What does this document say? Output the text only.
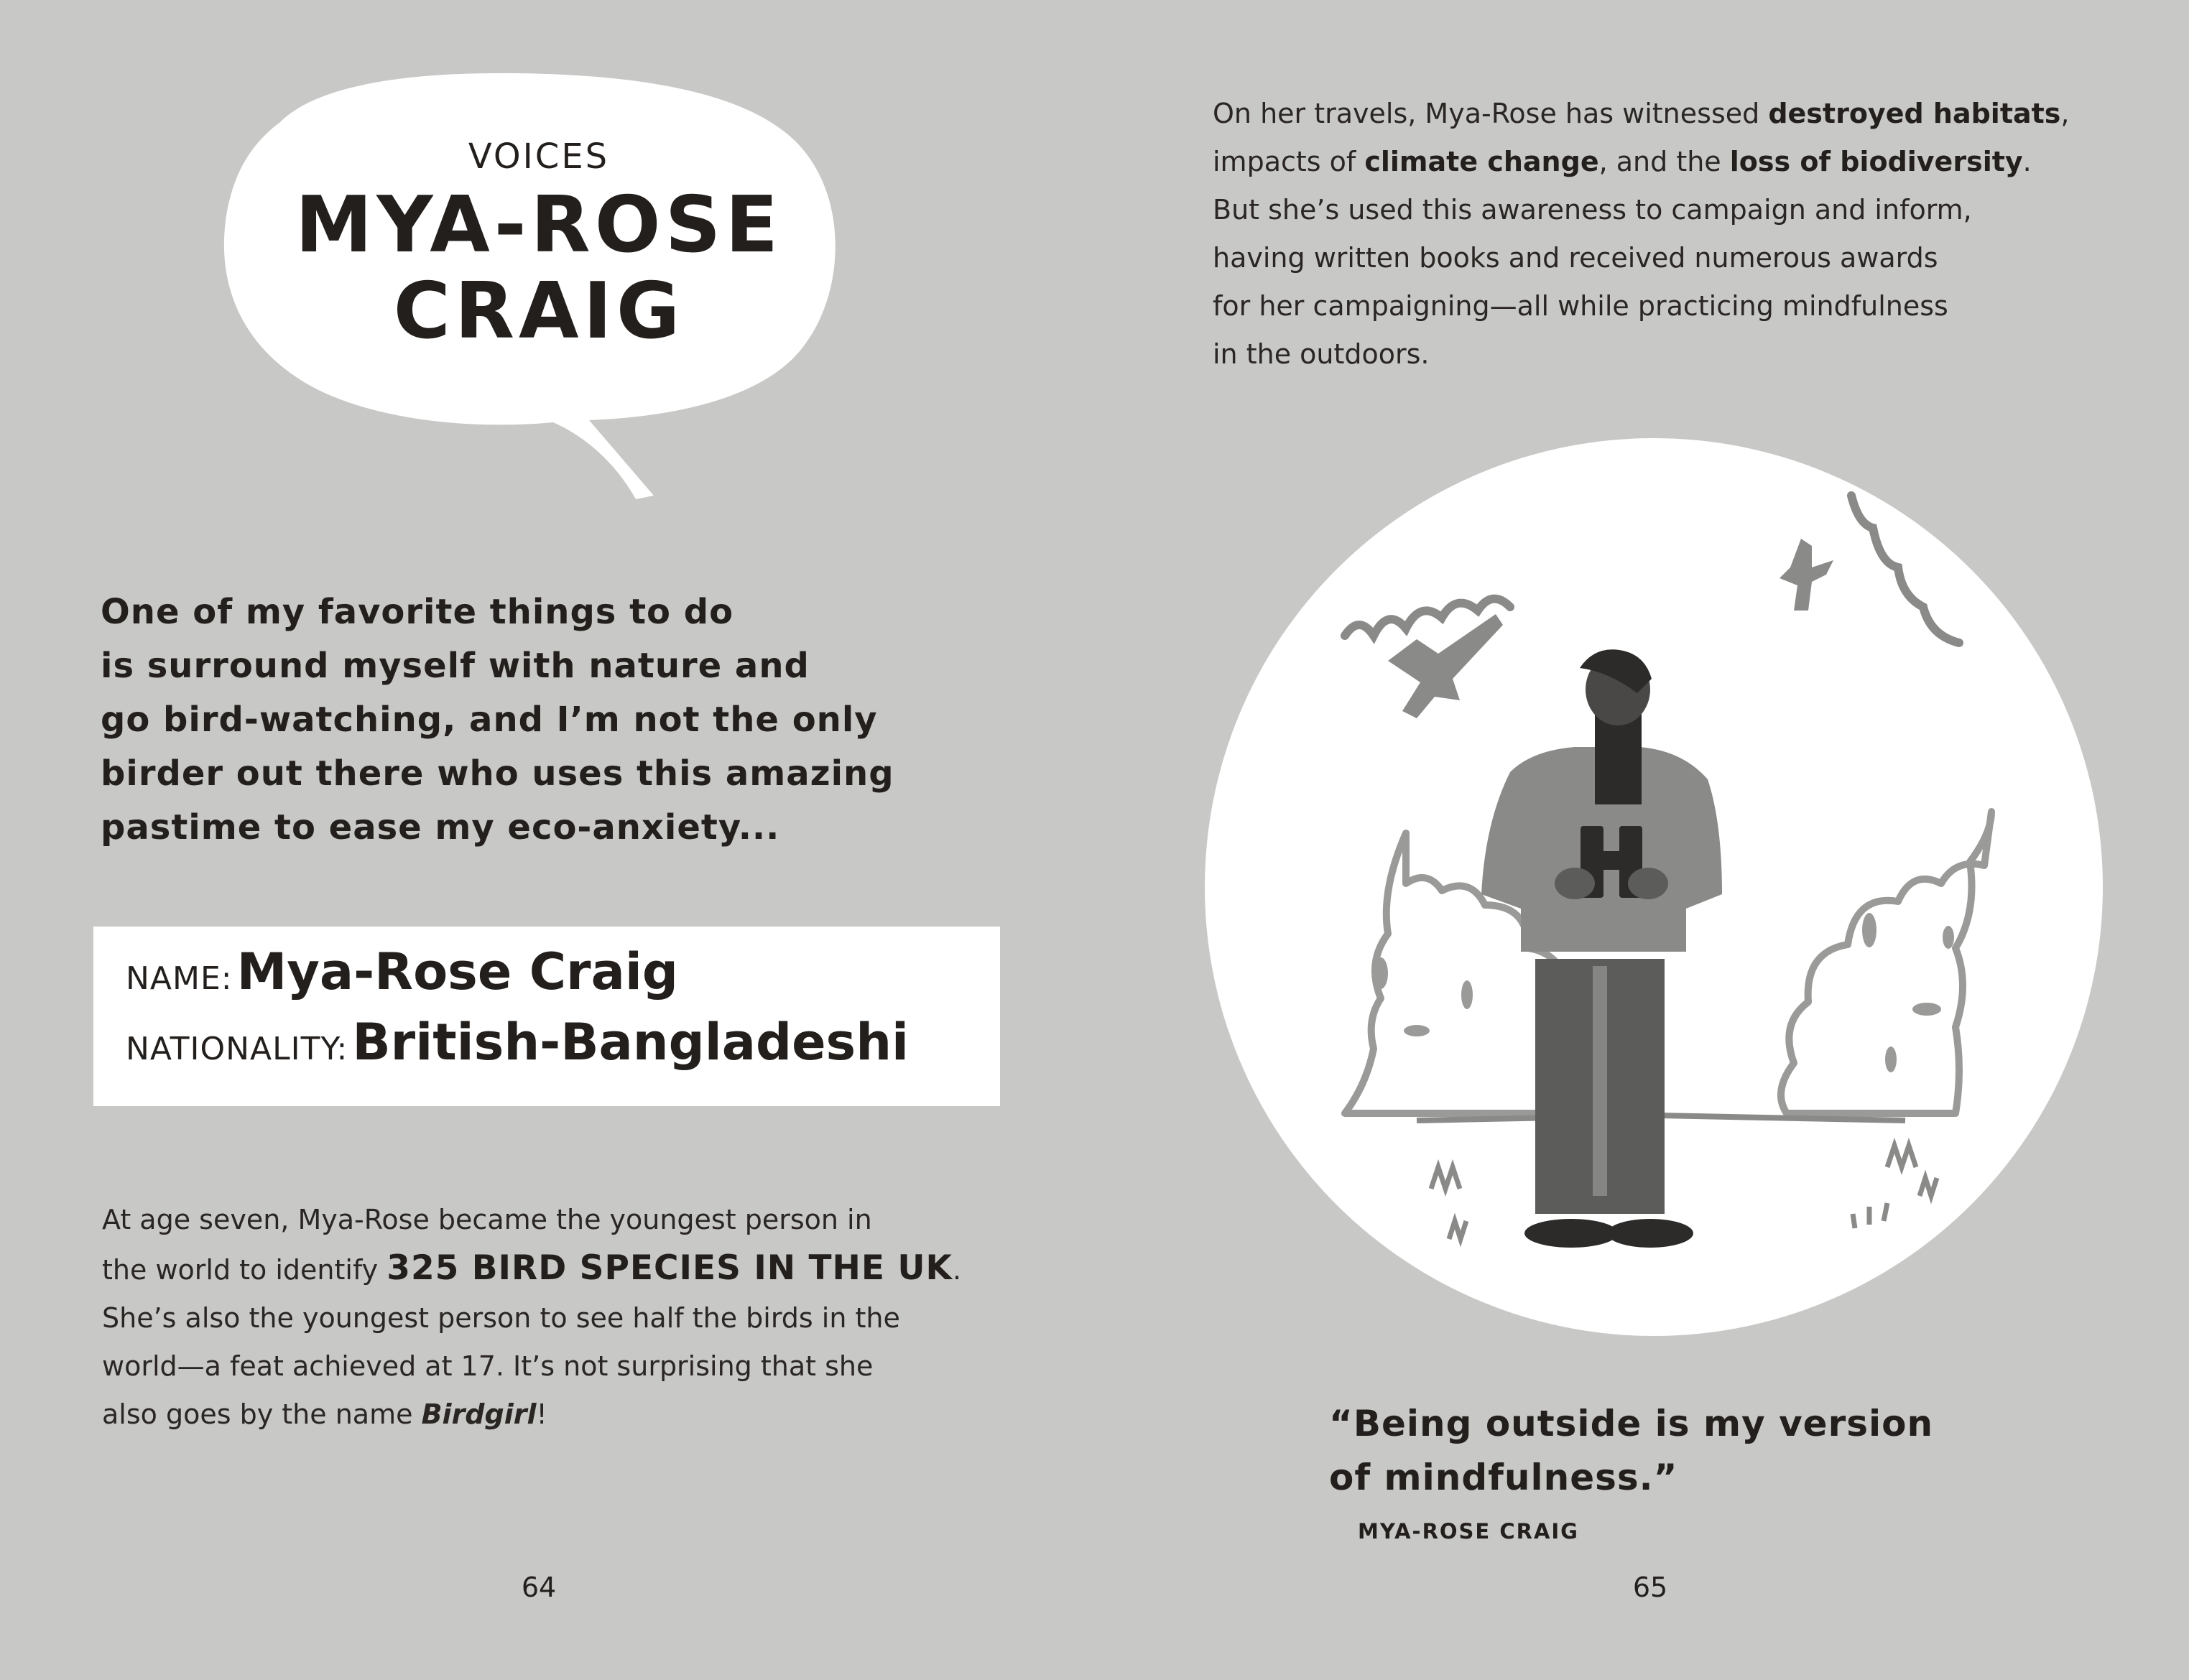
VOICES
MYA-ROSE
CRAIG
One of my favorite things to do
is surround myself with nature and
go bird-watching, and I’m not the only
birder out there who uses this amazing
pastime to ease my eco-anxiety...
NAME:Mya-Rose Craig
NATIONALITY:British-Bangladeshi
At age seven, Mya-Rose became the youngest person in
the world to identify 325 BIRD SPECIES IN THE UK.
She’s also the youngest person to see half the birds in the
world—a feat achieved at 17. It’s not surprising that she
also goes by the name Birdgirl!
On her travels, Mya-Rose has witnessed destroyed habitats,
impacts of climate change, and the loss of biodiversity.
But she’s used this awareness to campaign and inform,
having written books and received numerous awards
for her campaigning—all while practicing mindfulness
in the outdoors.
“Being outside is my version
of mindfulness.”
MYA-ROSE CRAIG
64	65
